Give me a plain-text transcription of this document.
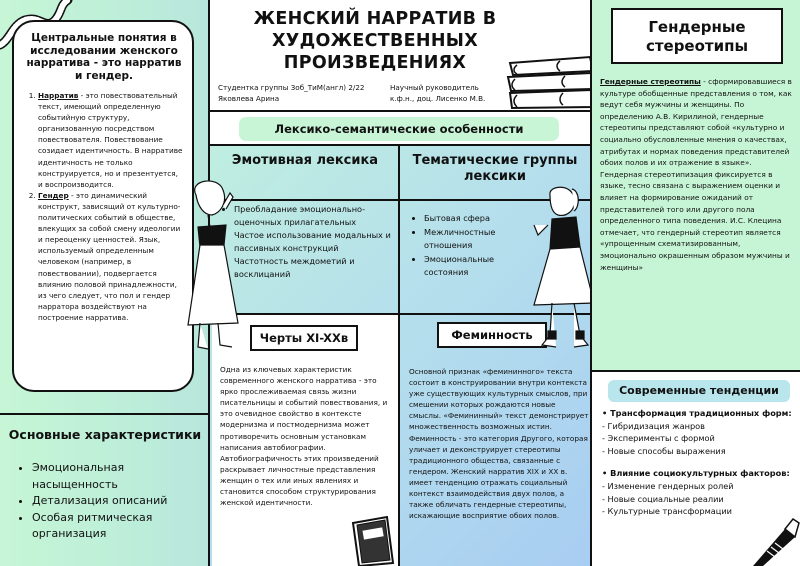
Центральные понятия в исследовании женского нарратива - это нарратив и гендер.
1. Нарратив - это повествовательный текст, имеющий определенную событийную структуру, организованную посредством повествователя. Повествование созидает идентичность. В нарративе идентичность не только конструируется, но и презентуется, и воспроизводится.
2. Гендер - это динамический конструкт, зависящий от культурно-политических событий в обществе, влекущих за собой смену идеологии и переоценку ценностей. Язык, используемый определенным человеком (например, в повествовании), подвергается влиянию половой принадлежности, из чего следует, что пол и гендер нарратора воздействуют на построение нарратива.
Основные характеристики
• Эмоциональная насыщенность
• Детализация описаний
• Особая ритмическая организация
ЖЕНСКИЙ НАРРАТИВ В ХУДОЖЕСТВЕННЫХ ПРОИЗВЕДЕНИЯХ
Студентка группы 3об_ТиМ(англ) 2/22
Яковлева Арина
Научный руководитель
к.ф.н., доц. Лисенко М.В.
Лексико-семантические особенности
Эмотивная лексика
• Преобладание эмоционально-оценочных прилагательных
• Частое использование модальных и пассивных конструкций
• Частотность междометий и восклицаний
Тематические группы лексики
• Бытовая сфера
• Межличностные отношения
• Эмоциональные состояния
Черты XI-XXв

Одна из ключевых характеристик современного женского нарратива - это ярко прослеживаемая связь жизни писательницы и событий повествования, и это очевидное свойство в контексте модернизма и постмодернизма может противоречить основным установкам написания автобиографии. Автобиографичность этих произведений раскрывает личностные представления женщин о тех или иных явлениях и становится способом структурирования женской идентичности.

Феминность

Основной признак «фемининного» текста состоит в конструировании внутри контекста уже существующих культурных смыслов, при смешении которых рождаются новые смыслы. «Фемининный» текст демонстрирует множественность возможных истин. Феминность - это категория Другого, которая уличает и деконструирует стереотипы традиционного общества, связанные с гендером. Женский нарратив XIX и XX в. имеет тенденцию отражать социальный контекст взаимодействия двух полов, а также обличать гендерные стереотипы, искажающие восприятие обоих полов.

Гендерные стереотипы

Гендерные стереотипы - сформировавшиеся в культуре обобщенные представления о том, как ведут себя мужчины и женщины. По определению А.В. Кирилиной, гендерные стереотипы представляют собой «культурно и социально обусловленные мнения о качествах, атрибутах и нормах поведения представителей обоих полов и их отражение в языке». Гендерная стереотипизация фиксируется в языке, тесно связана с выражением оценки и влияет на формирование ожиданий от представителей того или другого пола определенного типа поведения. И.С. Клецина отмечает, что гендерный стереотип является «упрощенным схематизированным, эмоционально окрашенным образом мужчины и женщины»

Современные тенденции
• Трансформация традиционных форм:
- Гибридизация жанров
- Эксперименты с формой
- Новые способы выражения
• Влияние социокультурных факторов:
- Изменение гендерных ролей
- Новые социальные реалии
- Культурные трансформации
